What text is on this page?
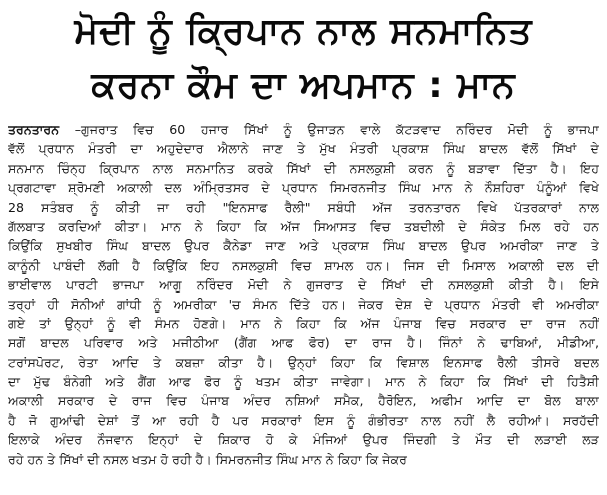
ਮੋਦੀ ਨੂੰ ਕ੍ਰਿਪਾਨ ਨਾਲ ਸਨਮਾਨਿਤ
ਕਰਨਾ ਕੌਮ ਦਾ ਅਪਮਾਨ : ਮਾਨ
ਤਰਨਤਾਰਨ –ਗੁਜਰਾਤ ਵਿਚ 60 ਹਜਾਰ ਸਿੱਖਾਂ ਨੂੰ ਉਜਾੜਨ ਵਾਲੇ ਕੱਟੜਵਾਦ ਨਰਿੰਦਰ ਮੋਦੀ ਨੂੰ ਭਾਜਪਾ
ਵੱਲੋਂ ਪ੍ਰਧਾਨ ਮੰਤਰੀ ਦਾ ਅਹੁਦੇਦਾਰ ਐਲਾਨੇ ਜਾਣ ਤੇ ਮੁੱਖ ਮੰਤਰੀ ਪ੍ਰਕਾਸ਼ ਸਿੰਘ ਬਾਦਲ ਵੱਲੋਂ ਸਿੱਖਾਂ ਦੇ
ਸਨਮਾਨ ਚਿੰਨ੍ਹ ਕ੍ਰਿਪਾਨ ਨਾਲ ਸਨਮਾਨਿਤ ਕਰਕੇ ਸਿੱਖਾਂ ਦੀ ਨਸਲਕੁਸ਼ੀ ਕਰਨ ਨੂੰ ਬੜਾਵਾ ਦਿੱਤਾ ਹੈ। ਇਹ
ਪ੍ਰਗਟਾਵਾ ਸ਼੍ਰੋਮਣੀ ਅਕਾਲੀ ਦਲ ਅੰਮ੍ਰਿਤਸਰ ਦੇ ਪ੍ਰਧਾਨ ਸਿਮਰਨਜੀਤ ਸਿੰਘ ਮਾਨ ਨੇ ਨੌਸ਼ਹਿਰਾ ਪੰਨੂੰਆਂ ਵਿਖੇ
28 ਸਤੰਬਰ ਨੂੰ ਕੀਤੀ ਜਾ ਰਹੀ "ਇਨਸਾਫ ਰੈਲੀ" ਸਬੰਧੀ ਅੱਜ ਤਰਨਤਾਰਨ ਵਿਖੇ ਪੱਤਰਕਾਰਾਂ ਨਾਲ
ਗੱਲਬਾਤ ਕਰਦਿਆਂ ਕੀਤਾ। ਮਾਨ ਨੇ ਕਿਹਾ ਕਿ ਅੱਜ ਸਿਆਸਤ ਵਿਚ ਤਬਦੀਲੀ ਦੇ ਸੰਕੇਤ ਮਿਲ ਰਹੇ ਹਨ
ਕਿਉਂਕਿ ਸੁਖਬੀਰ ਸਿੰਘ ਬਾਦਲ ਉਪਰ ਕੈਨੇਡਾ ਜਾਣ ਅਤੇ ਪ੍ਰਕਾਸ਼ ਸਿੰਘ ਬਾਦਲ ਉਪਰ ਅਮਰੀਕਾ ਜਾਣ ਤੇ
ਕਾਨੂੰਨੀ ਪਾਬੰਦੀ ਲੱਗੀ ਹੈ ਕਿਉਂਕਿ ਇਹ ਨਸਲਕੁਸ਼ੀ ਵਿਚ ਸ਼ਾਮਲ ਹਨ। ਜਿਸ ਦੀ ਮਿਸਾਲ ਅਕਾਲੀ ਦਲ ਦੀ
ਭਾਈਵਾਲ ਪਾਰਟੀ ਭਾਜਪਾ ਆਗੂ ਨਰਿੰਦਰ ਮੋਦੀ ਨੇ ਗੁਜਰਾਤ ਦੇ ਸਿੱਖਾਂ ਦੀ ਨਸਲਕੁਸ਼ੀ ਕੀਤੀ ਹੈ। ਇਸੇ
ਤਰ੍ਹਾਂ ਹੀ ਸੋਨੀਆਂ ਗਾਂਧੀ ਨੂੰ ਅਮਰੀਕਾ 'ਚ ਸੰਮਨ ਦਿੱਤੇ ਹਨ। ਜੇਕਰ ਦੇਸ਼ ਦੇ ਪ੍ਰਧਾਨ ਮੰਤਰੀ ਵੀ ਅਮਰੀਕਾ
ਗਏ ਤਾਂ ਉਨ੍ਹਾਂ ਨੂੰ ਵੀ ਸੰਮਨ ਹੋਣਗੇ। ਮਾਨ ਨੇ ਕਿਹਾ ਕਿ ਅੱਜ ਪੰਜਾਬ ਵਿਚ ਸਰਕਾਰ ਦਾ ਰਾਜ ਨਹੀਂ
ਸਗੋਂ ਬਾਦਲ ਪਰਿਵਾਰ ਅਤੇ ਮਜੀਠੀਆ (ਗੈਂਗ ਆਫ ਫੋਰ) ਦਾ ਰਾਜ ਹੈ। ਜਿੰਨਾਂ ਨੇ ਢਾਬਿਆਂ, ਮੀਡੀਆ,
ਟਰਾਂਸਪੋਰਟ, ਰੇਤਾ ਆਦਿ ਤੇ ਕਬਜ਼ਾ ਕੀਤਾ ਹੈ। ਉਨ੍ਹਾਂ ਕਿਹਾ ਕਿ ਵਿਸ਼ਾਲ ਇਨਸਾਫ ਰੈਲੀ ਤੀਸਰੇ ਬਦਲ
ਦਾ ਮੁੱਢ ਬੰਨੇਗੀ ਅਤੇ ਗੈਂਗ ਆਫ ਫੋਰ ਨੂੰ ਖਤਮ ਕੀਤਾ ਜਾਵੇਗਾ। ਮਾਨ ਨੇ ਕਿਹਾ ਕਿ ਸਿੱਖਾਂ ਦੀ ਹਿਤੈਸ਼ੀ
ਅਕਾਲੀ ਸਰਕਾਰ ਦੇ ਰਾਜ ਵਿਚ ਪੰਜਾਬ ਅੰਦਰ ਨਸ਼ਿਆਂ ਸਮੈਕ, ਹੈਰੋਇਨ, ਅਫੀਮ ਆਦਿ ਦਾ ਬੋਲ ਬਾਲਾ
ਹੈ ਜੋ ਗੁਆਂਢੀ ਦੇਸ਼ਾਂ ਤੋਂ ਆ ਰਹੀ ਹੈ ਪਰ ਸਰਕਾਰਾਂ ਇਸ ਨੂੰ ਗੰਭੀਰਤਾ ਨਾਲ ਨਹੀਂ ਲੈ ਰਹੀਆਂ। ਸਰਹੱਦੀ
ਇਲਾਕੇ ਅੰਦਰ ਨੌਜਵਾਨ ਇਨ੍ਹਾਂ ਦੇ ਸ਼ਿਕਾਰ ਹੋ ਕੇ ਮੰਜਿਆਂ ਉਪਰ ਜਿੰਦਗੀ ਤੇ ਮੌਤ ਦੀ ਲੜਾਈ ਲੜ
ਰਹੇ ਹਨ ਤੇ ਸਿੱਖਾਂ ਦੀ ਨਸਲ ਖਤਮ ਹੋ ਰਹੀ ਹੈ। ਸਿਮਰਨਜੀਤ ਸਿੰਘ ਮਾਨ ਨੇ ਕਿਹਾ ਕਿ ਜੇਕਰ
